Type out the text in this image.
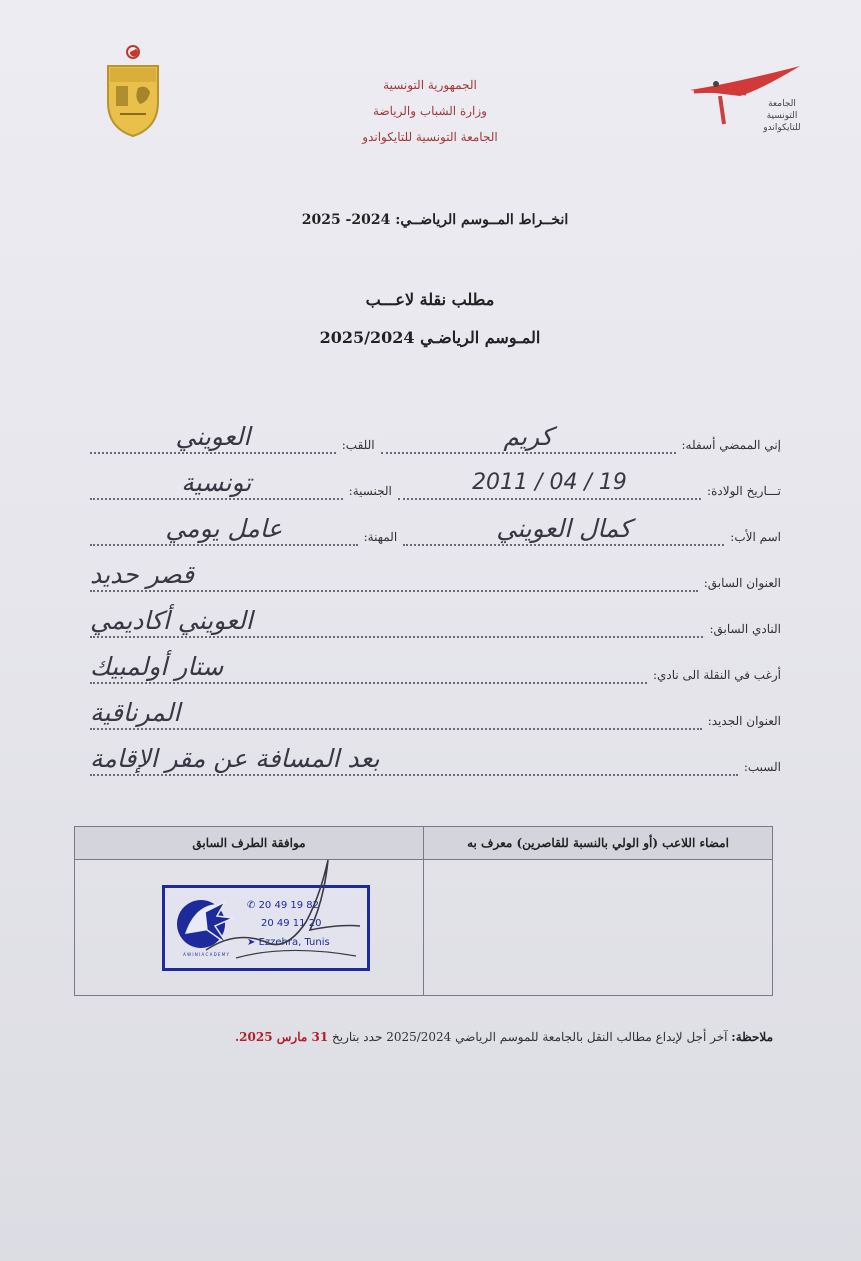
الجمهورية التونسية
وزارة الشباب والرياضة
الجامعة التونسية للتايكواندو
الجامعة
التونسية
للتايكواندو
انخــراط المــوسم الرياضــي: 2024- 2025
مطلب نقلة لاعـــب
المـوسم الرياضـي 2025/2024
إني الممضي أسفله:
كريم
اللقب:
العويني
تـــاريخ الولادة:
2011 / 04 / 19
الجنسية:
تونسية
اسم الأب:
كمال العويني
المهنة:
عامل يومي
العنوان السابق:
قصر حديد
النادي السابق:
العويني أكاديمي
أرغب في النقلة الى نادي:
ستار أولمبيك
العنوان الجديد:
المرناقية
السبب:
بعد المسافة عن مقر الإقامة
امضاء اللاعب (أو الولي بالنسبة للقاصرين) معرف به
موافقة الطرف السابق
A W I N I A C A D E M Y
✆ 20 49 19 82
20 49 11 20
➤ Ezzehra, Tunis
ملاحظة: آخر أجل لإيداع مطالب النقل بالجامعة للموسم الرياضي 2025/2024 حدد بتاريخ 31 مارس 2025.
